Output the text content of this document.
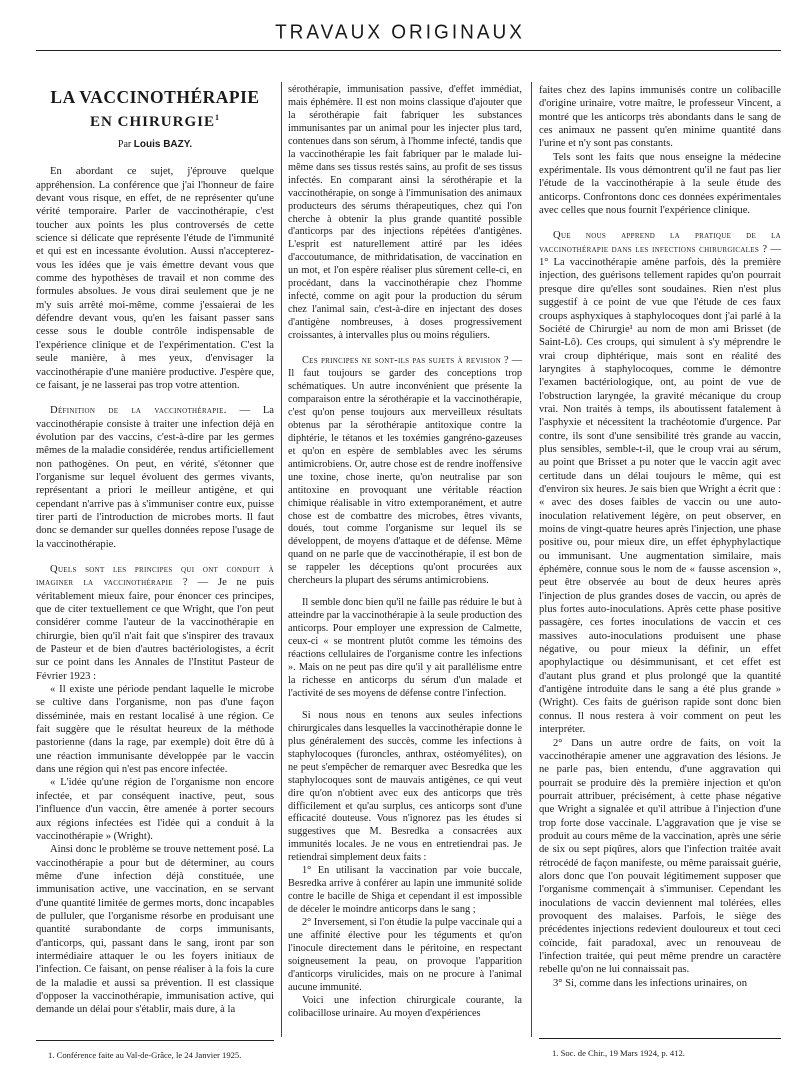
TRAVAUX ORIGINAUX
LA VACCINOTHÉRAPIE
EN CHIRURGIE$^1$
Par Louis BAZY.

En abordant ce sujet, j'éprouve quelque appréhension. La conférence que j'ai l'honneur de faire devant vous risque, en effet, de ne représenter qu'une vérité temporaire. Parler de vaccinothérapie, c'est toucher aux points les plus controversés de cette science si délicate que représente l'étude de l'immunité et qui est en incessante évolution. Aussi n'accepterez-vous les idées que je vais émettre devant vous que comme des hypothèses de travail et non comme des formules absolues. Je vous dirai seulement que je ne m'y suis arrêté moi-même, comme j'essaierai de les défendre devant vous, qu'en les faisant passer sans cesse sous le double contrôle indispensable de l'expérience clinique et de l'expérimentation. C'est la seule manière, à mes yeux, d'envisager la vaccinothérapie d'une manière productive. J'espère que, ce faisant, je ne lasserai pas trop votre attention.

Définition de la vaccinothérapie. — La vaccinothérapie consiste à traiter une infection déjà en évolution par des vaccins, c'est-à-dire par les germes mêmes de la maladie considérée, rendus artificiellement non pathogènes. On peut, en vérité, s'étonner que l'organisme sur lequel évoluent des germes vivants, représentant a priori le meilleur antigène, et qui cependant n'arrive pas à s'immuniser contre eux, puisse tirer parti de l'introduction de microbes morts. Il faut donc se demander sur quelles données repose l'usage de la vaccinothérapie.

Quels sont les principes qui ont conduit à imaginer la vaccinothérapie ? — Je ne puis véritablement mieux faire, pour énoncer ces principes, que de citer textuellement ce que Wright, que l'on peut considérer comme l'auteur de la vaccinothérapie en chirurgie, bien qu'il n'ait fait que s'inspirer des travaux de Pasteur et de bien d'autres bactériologistes, a écrit sur ce point dans les Annales de l'Institut Pasteur de Février 1923 :

« Il existe une période pendant laquelle le microbe se cultive dans l'organisme, non pas d'une façon disséminée, mais en restant localisé à une région. Ce fait suggère que le résultat heureux de la méthode pastorienne (dans la rage, par exemple) doit être dû à une réaction immunisante développée par le vaccin dans une région qui n'est pas encore infectée.

« L'idée qu'une région de l'organisme non encore infectée, et par conséquent inactive, peut, sous l'influence d'un vaccin, être amenée à porter secours aux régions infectées est l'idée qui a conduit à la vaccinothérapie » (Wright).

Ainsi donc le problème se trouve nettement posé. La vaccinothérapie a pour but de déterminer, au cours même d'une infection déjà constituée, une immunisation active, une vaccination, en se servant d'une quantité limitée de germes morts, donc incapables de pulluler, que l'organisme résorbe en produisant une quantité surabondante de corps immunisants, d'anticorps, qui, passant dans le sang, iront par son intermédiaire attaquer le ou les foyers initiaux de l'infection. Ce faisant, on pense réaliser à la fois la cure de la maladie et aussi sa prévention. Il est classique d'opposer la vaccinothérapie, immunisation active, qui demande un délai pour s'établir, mais dure, à la

sérothérapie, immunisation passive, d'effet immédiat, mais éphémère. Il est non moins classique d'ajouter que la sérothérapie fait fabriquer les substances immunisantes par un animal pour les injecter plus tard, contenues dans son sérum, à l'homme infecté, tandis que la vaccinothérapie les fait fabriquer par le malade lui-même dans ses tissus restés sains, au profit de ses tissus infectés. En comparant ainsi la sérothérapie et la vaccinothérapie, on songe à l'immunisation des animaux producteurs des sérums thérapeutiques, chez qui l'on cherche à obtenir la plus grande quantité possible d'anticorps par des injections répétées d'antigènes. L'esprit est naturellement attiré par les idées d'accoutumance, de mithridatisation, de vaccination en un mot, et l'on espère réaliser plus sûrement celle-ci, en procédant, dans la vaccinothérapie chez l'homme infecté, comme on agit pour la production du sérum chez l'animal sain, c'est-à-dire en injectant des doses d'antigène nombreuses, à doses progressivement croissantes, à intervalles plus ou moins réguliers.

Ces principes ne sont-ils pas sujets à revision ? — Il faut toujours se garder des conceptions trop schématiques. Un autre inconvénient que présente la comparaison entre la sérothérapie et la vaccinothérapie, c'est qu'on pense toujours aux merveilleux résultats obtenus par la sérothérapie antitoxique contre la diphtérie, le tétanos et les toxémies gangréno-gazeuses et qu'on en espère de semblables avec les sérums antimicrobiens. Or, autre chose est de rendre inoffensive une toxine, chose inerte, qu'on neutralise par son antitoxine en provoquant une véritable réaction chimique réalisable in vitro extemporanément, et autre chose est de combattre des microbes, êtres vivants, doués, tout comme l'organisme sur lequel ils se développent, de moyens d'attaque et de défense. Même quand on ne parle que de vaccinothérapie, il est bon de se rappeler les déceptions qu'ont procurées aux chercheurs la plupart des sérums antimicrobiens.

Il semble donc bien qu'il ne faille pas réduire le but à atteindre par la vaccinothérapie à la seule production des anticorps. Pour employer une expression de Calmette, ceux-ci « se montrent plutôt comme les témoins des réactions cellulaires de l'organisme contre les infections ». Mais on ne peut pas dire qu'il y ait parallélisme entre la richesse en anticorps du sérum d'un malade et l'activité de ses moyens de défense contre l'infection.

Si nous nous en tenons aux seules infections chirurgicales dans lesquelles la vaccinothérapie donne le plus généralement des succès, comme les infections à staphylocoques (furoncles, anthrax, ostéomyélites), on ne peut s'empêcher de remarquer avec Besredka que les staphylocoques sont de mauvais antigènes, ce qui veut dire qu'on n'obtient avec eux des anticorps que très difficilement et qu'au surplus, ces anticorps sont d'une efficacité douteuse. Vous n'ignorez pas les études si suggestives que M. Besredka a consacrées aux immunités locales. Je ne vous en entretiendrai pas. Je retiendrai simplement deux faits :

1° En utilisant la vaccination par voie buccale, Besredka arrive à conférer au lapin une immunité solide contre le bacille de Shiga et cependant il est impossible de déceler le moindre anticorps dans le sang ;

2° Inversement, si l'on étudie la pulpe vaccinale qui a une affinité élective pour les téguments et qu'on l'inocule directement dans le péritoine, en respectant soigneusement la peau, on provoque l'apparition d'anticorps virulicides, mais on ne procure à l'animal aucune immunité.

Voici une infection chirurgicale courante, la colibacillose urinaire. Au moyen d'expériences

faites chez des lapins immunisés contre un colibacille d'origine urinaire, votre maître, le professeur Vincent, a montré que les anticorps très abondants dans le sang de ces animaux ne passent qu'en minime quantité dans l'urine et n'y sont pas constants.

Tels sont les faits que nous enseigne la médecine expérimentale. Ils vous démontrent qu'il ne faut pas lier l'étude de la vaccinothérapie à la seule étude des anticorps. Confrontons donc ces données expérimentales avec celles que nous fournit l'expérience clinique.

Que nous apprend la pratique de la vaccinothérapie dans les infections chirurgicales ? — 1° La vaccinothérapie amène parfois, dès la première injection, des guérisons tellement rapides qu'on pourrait presque dire qu'elles sont soudaines. Rien n'est plus suggestif à ce point de vue que l'étude de ces faux croups asphyxiques à staphylocoques dont j'ai parlé à la Société de Chirurgie¹ au nom de mon ami Brisset (de Saint-Lô). Ces croups, qui simulent à s'y méprendre le vrai croup diphtérique, mais sont en réalité des laryngites à staphylocoques, comme le démontre l'examen bactériologique, ont, au point de vue de l'obstruction laryngée, la gravité mécanique du croup vrai. Non traités à temps, ils aboutissent fatalement à l'asphyxie et nécessitent la trachéotomie d'urgence. Par contre, ils sont d'une sensibilité très grande au vaccin, plus sensibles, semble-t-il, que le croup vrai au sérum, au point que Brisset a pu noter que le vaccin agit avec certitude dans un délai toujours le même, qui est d'environ six heures. Je sais bien que Wright a écrit que : « avec des doses faibles de vaccin ou une auto-inoculation relativement légère, on peut observer, en moins de vingt-quatre heures après l'injection, une phase positive ou, pour mieux dire, un effet éphyphylactique ou immunisant. Une augmentation similaire, mais éphémère, connue sous le nom de « fausse ascension », peut être observée au bout de deux heures après l'injection de plus grandes doses de vaccin, ou après de plus fortes auto-inoculations. Après cette phase positive passagère, ces fortes inoculations de vaccin et ces massives auto-inoculations produisent une phase négative, ou pour mieux la définir, un effet apophylactique ou désimmunisant, et cet effet est d'autant plus grand et plus prolongé que la quantité d'antigène introduite dans le sang a été plus grande » (Wright). Ces faits de guérison rapide sont donc bien connus. Il nous restera à voir comment on peut les interpréter.

2° Dans un autre ordre de faits, on voit la vaccinothérapie amener une aggravation des lésions. Je ne parle pas, bien entendu, d'une aggravation qui pourrait se produire dès la première injection et qu'on pourrait attribuer, précisément, à cette phase négative que Wright a signalée et qu'il attribue à l'injection d'une trop forte dose vaccinale. L'aggravation que je vise se produit au cours même de la vaccination, après une série de six ou sept piqûres, alors que l'infection traitée avait rétrocédé de façon manifeste, ou même paraissait guérie, alors donc que l'on pouvait légitimement supposer que l'organisme commençait à s'immuniser. Cependant les inoculations de vaccin deviennent mal tolérées, elles provoquent des malaises. Parfois, le siège des précédentes injections redevient douloureux et tout ceci coïncide, fait paradoxal, avec un renouveau de l'infection traitée, qui peut même prendre un caractère rebelle qu'on ne lui connaissait pas.

3° Si, comme dans les infections urinaires, on

1. Conférence faite au Val-de-Grâce, le 24 Janvier 1925.	1. Soc. de Chir., 19 Mars 1924, p. 412.
